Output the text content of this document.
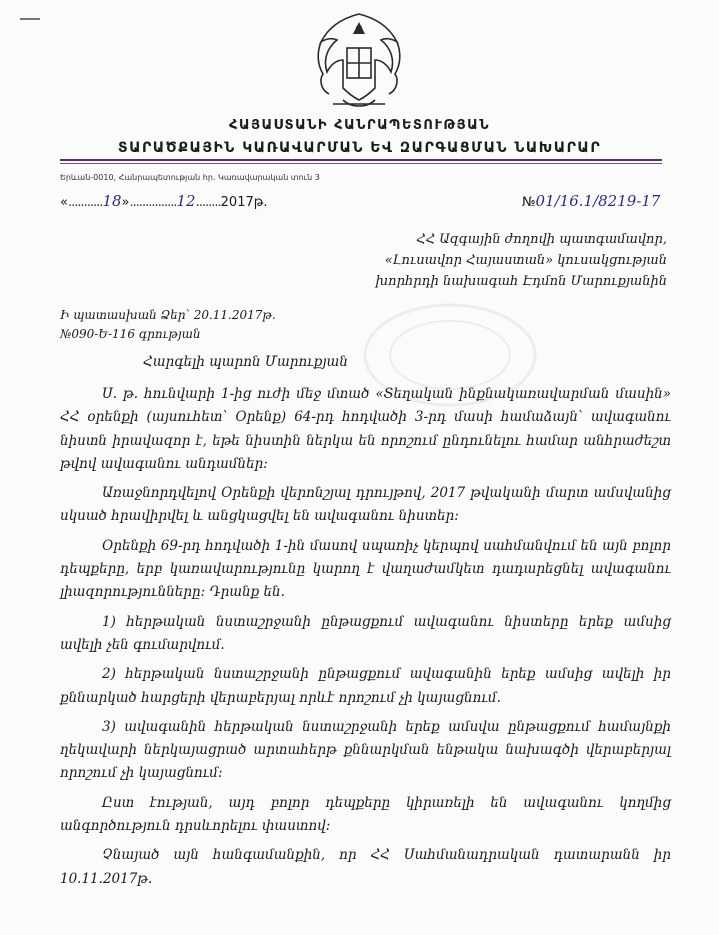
ՀԱՅԱՍՏԱՆԻ ՀԱՆՐԱՊԵՏՈՒԹՅԱՆ
ՏԱՐԱԾՔԱՅԻՆ ԿԱՌԱՎԱՐՄԱՆ ԵՎ ԶԱՐԳԱՑՄԱՆ ՆԱԽԱՐԱՐ
Երևան-0010, Հանրապետության hր. Կառավարական տուն 3
«...........18»...............12........2017թ.	№01/16.1/8219-17
ՀՀ Ազգային ժողովի պատգամավոր,
«Լուսավոր Հայաստան» կուսակցության
խորհրդի նախագահ Էդմոն Մարուքյանին
Ի պատասխան Ձեր՝ 20.11.2017թ.
№090-Ե-116 գրության
Հարգելի պարոն Մարուքյան

Ս. թ. հունվարի 1-ից ուժի մեջ մտած «Տեղական ինքնակառավարման մասին» ՀՀ օրենքի (այսուհետ՝ Օրենք) 64-րդ հոդվածի 3-րդ մասի համաձայն՝ ավագանու նիստն իրավազոր է, եթե նիստին ներկա են որոշում ընդունելու համար անհրաժեշտ թվով ավագանու անդամներ:

Առաջնորդվելով Օրենքի վերոնշյալ դրույթով, 2017 թվականի մարտ ամսվանից սկսած հրավիրվել և անցկացվել են ավագանու նիստեր:

Օրենքի 69-րդ հոդվածի 1-ին մասով սպառիչ կերպով սահմանվում են այն բոլոր դեպքերը, երբ կառավարությունը կարող է վաղաժամկետ դադարեցնել ավագանու լիազորությունները: Դրանք են.

1) հերթական նստաշրջանի ընթացքում ավագանու նիստերը երեք ամսից ավելի չեն գումարվում.

2) հերթական նստաշրջանի ընթացքում ավագանին երեք ամսից ավելի իր քննարկած հարցերի վերաբերյալ որևէ որոշում չի կայացնում.

3) ավագանին հերթական նստաշրջանի երեք ամսվա ընթացքում համայնքի ղեկավարի ներկայացրած արտահերթ քննարկման ենթակա նախագծի վերաբերյալ որոշում չի կայացնում:

Ըստ էության, այդ բոլոր դեպքերը կիրառելի են ավագանու կողմից անգործություն դրսևորելու փաստով:

Չնայած այն հանգամանքին, որ ՀՀ Սահմանադրական դատարանն իր 10.11.2017թ.
